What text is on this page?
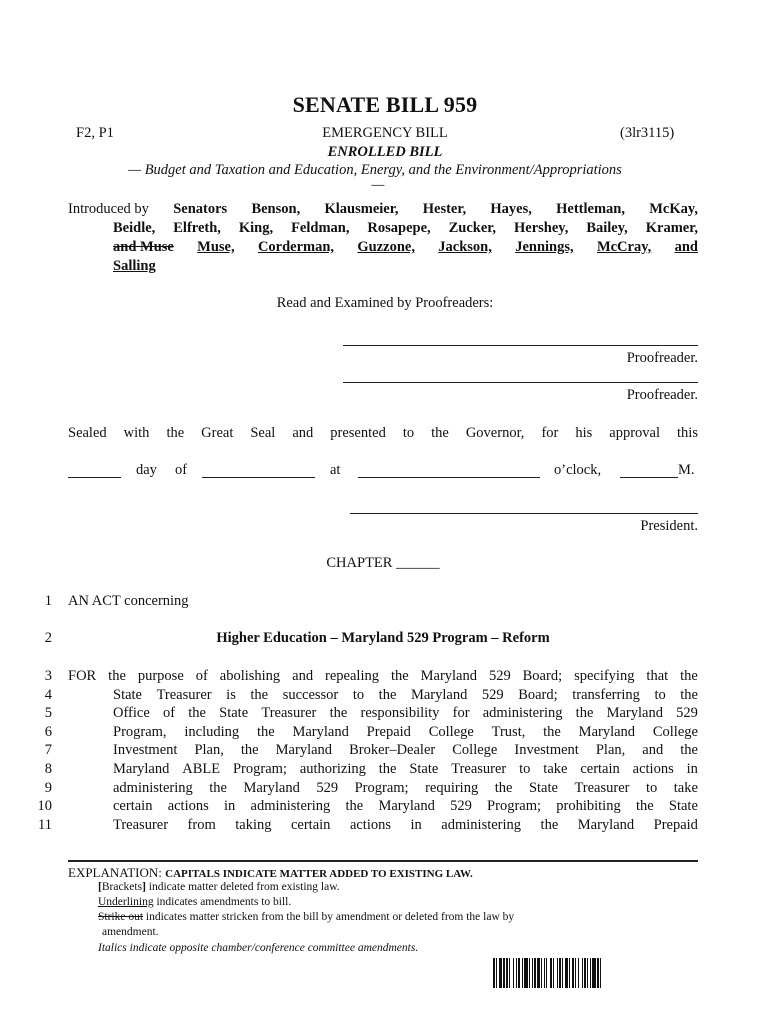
SENATE BILL 959
F2, P1	EMERGENCY BILL	(3lr3115)
ENROLLED BILL
— Budget and Taxation and Education, Energy, and the Environment/Appropriations
—
Introduced by Senators Benson, Klausmeier, Hester, Hayes, Hettleman, McKay,
Beidle, Elfreth, King, Feldman, Rosapepe, Zucker, Hershey, Bailey, Kramer,
and Muse Muse, Corderman, Guzzone, Jackson, Jennings, McCray, and
Salling
Read and Examined by Proofreaders:
Proofreader.
Proofreader.
Sealed with the Great Seal and presented to the Governor, for his approval this
day of	at	o’clock,	M.
President.
CHAPTER ______
1 AN ACT concerning
2	Higher Education – Maryland 529 Program – Reform
3
4
5
6
7
8
9
10
11
FOR the purpose of abolishing and repealing the Maryland 529 Board; specifying that the
State Treasurer is the successor to the Maryland 529 Board; transferring to the
Office of the State Treasurer the responsibility for administering the Maryland 529
Program, including the Maryland Prepaid College Trust, the Maryland College
Investment Plan, the Maryland Broker–Dealer College Investment Plan, and the
Maryland ABLE Program; authorizing the State Treasurer to take certain actions in
administering the Maryland 529 Program; requiring the State Treasurer to take
certain actions in administering the Maryland 529 Program; prohibiting the State
Treasurer from taking certain actions in administering the Maryland Prepaid
EXPLANATION: CAPITALS INDICATE MATTER ADDED TO EXISTING LAW.
[Brackets] indicate matter deleted from existing law.
Underlining indicates amendments to bill.
Strike out indicates matter stricken from the bill by amendment or deleted from the law by
amendment.
Italics indicate opposite chamber/conference committee amendments.
